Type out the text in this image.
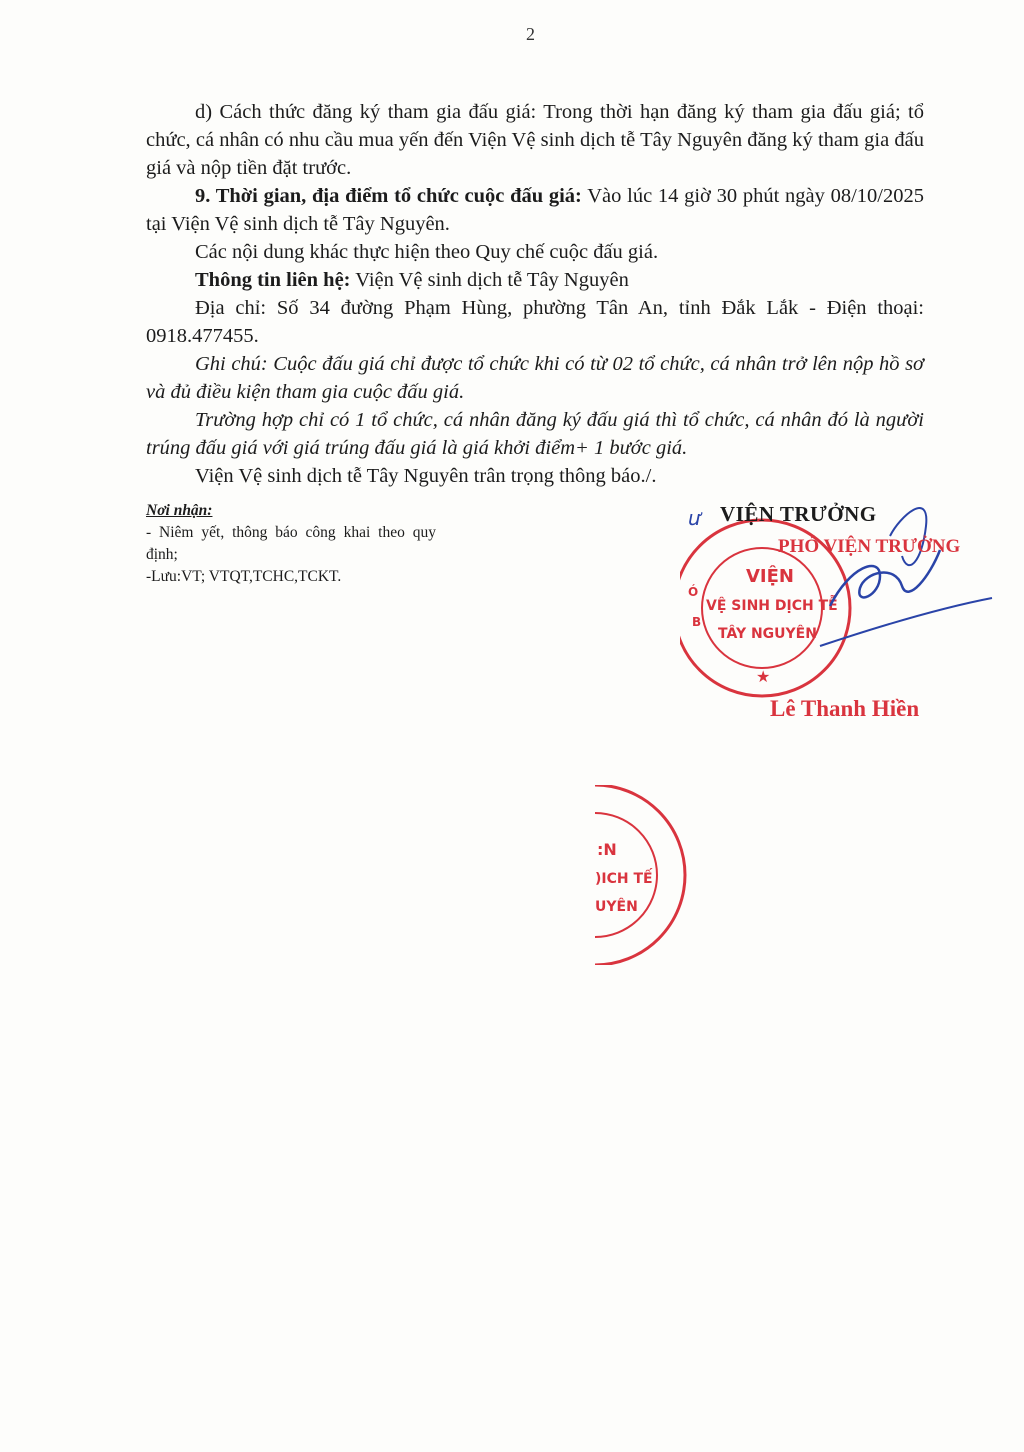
2

d) Cách thức đăng ký tham gia đấu giá: Trong thời hạn đăng ký tham gia đấu giá; tổ chức, cá nhân có nhu cầu mua yến đến Viện Vệ sinh dịch tễ Tây Nguyên đăng ký tham gia đấu giá và nộp tiền đặt trước.

9. Thời gian, địa điểm tổ chức cuộc đấu giá: Vào lúc 14 giờ 30 phút ngày 08/10/2025 tại Viện Vệ sinh dịch tễ Tây Nguyên.

Các nội dung khác thực hiện theo Quy chế cuộc đấu giá.

Thông tin liên hệ: Viện Vệ sinh dịch tễ Tây Nguyên

Địa chỉ: Số 34 đường Phạm Hùng, phường Tân An, tỉnh Đắk Lắk - Điện thoại: 0918.477455.

Ghi chú: Cuộc đấu giá chỉ được tổ chức khi có từ 02 tổ chức, cá nhân trở lên nộp hồ sơ và đủ điều kiện tham gia cuộc đấu giá.

Trường hợp chỉ có 1 tổ chức, cá nhân đăng ký đấu giá thì tổ chức, cá nhân đó là người trúng đấu giá với giá trúng đấu giá là giá khởi điểm+ 1 bước giá.

Viện Vệ sinh dịch tễ Tây Nguyên trân trọng thông báo./.

Nơi nhận:
- Niêm yết, thông báo công khai theo quy định;
-Lưu:VT; VTQT,TCHC,TCKT.
★
Ó
B
VIỆN
VỆ SINH DỊCH TỄ
TÂY NGUYÊN
ư VIỆN TRƯỞNG
PHÓ VIỆN TRƯỞNG
Lê Thanh Hiền
:N
)ICH TẾ
UYÊN
